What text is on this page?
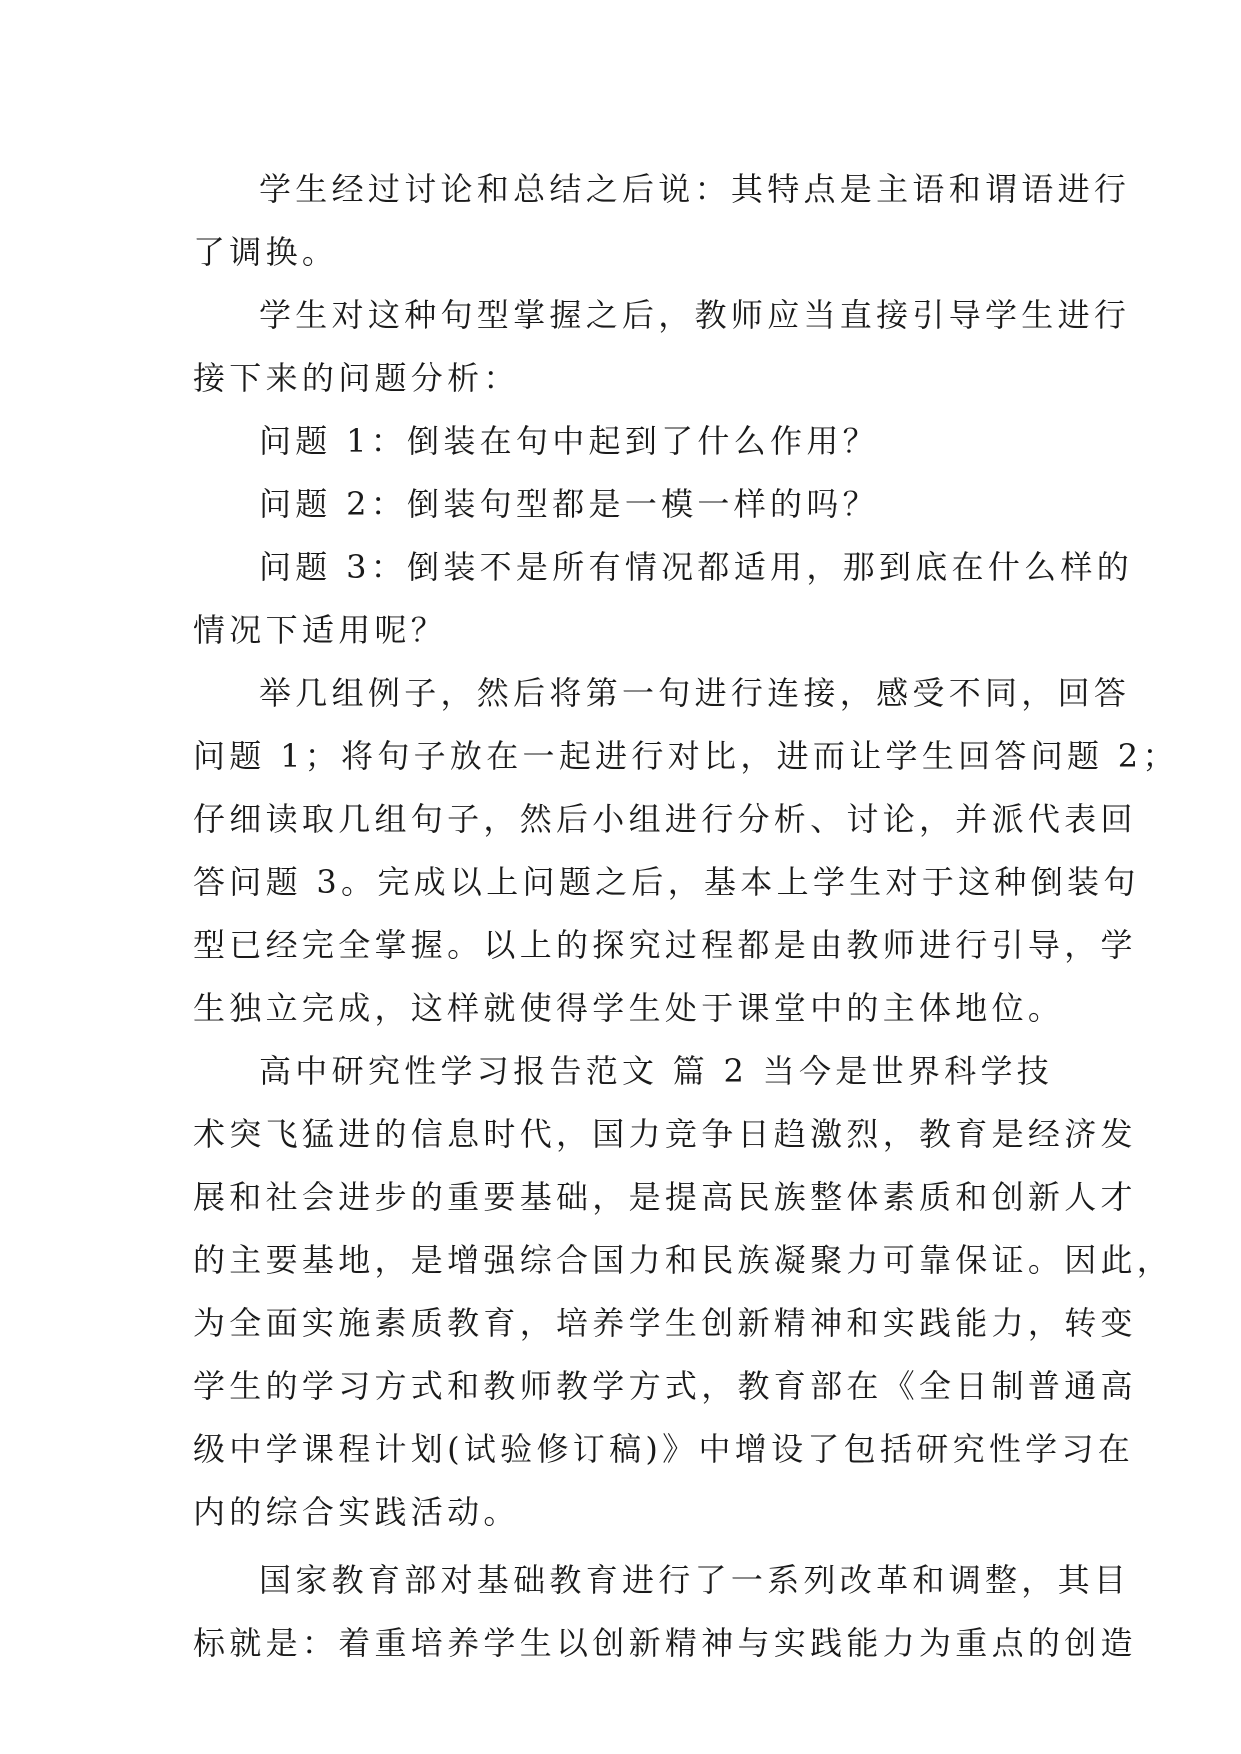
学生经过讨论和总结之后说：其特点是主语和谓语进行
了调换。
学生对这种句型掌握之后，教师应当直接引导学生进行
接下来的问题分析：
问题 1：倒装在句中起到了什么作用？
问题 2：倒装句型都是一模一样的吗？
问题 3：倒装不是所有情况都适用，那到底在什么样的
情况下适用呢？
举几组例子，然后将第一句进行连接，感受不同，回答
问题 1；将句子放在一起进行对比，进而让学生回答问题 2；
仔细读取几组句子，然后小组进行分析、讨论，并派代表回
答问题 3。完成以上问题之后，基本上学生对于这种倒装句
型已经完全掌握。以上的探究过程都是由教师进行引导，学
生独立完成，这样就使得学生处于课堂中的主体地位。
高中研究性学习报告范文 篇 2 当今是世界科学技
术突飞猛进的信息时代，国力竞争日趋激烈，教育是经济发
展和社会进步的重要基础，是提高民族整体素质和创新人才
的主要基地，是增强综合国力和民族凝聚力可靠保证。因此，
为全面实施素质教育，培养学生创新精神和实践能力，转变
学生的学习方式和教师教学方式，教育部在《全日制普通高
级中学课程计划(试验修订稿)》中增设了包括研究性学习在
内的综合实践活动。
国家教育部对基础教育进行了一系列改革和调整，其目
标就是：着重培养学生以创新精神与实践能力为重点的创造
